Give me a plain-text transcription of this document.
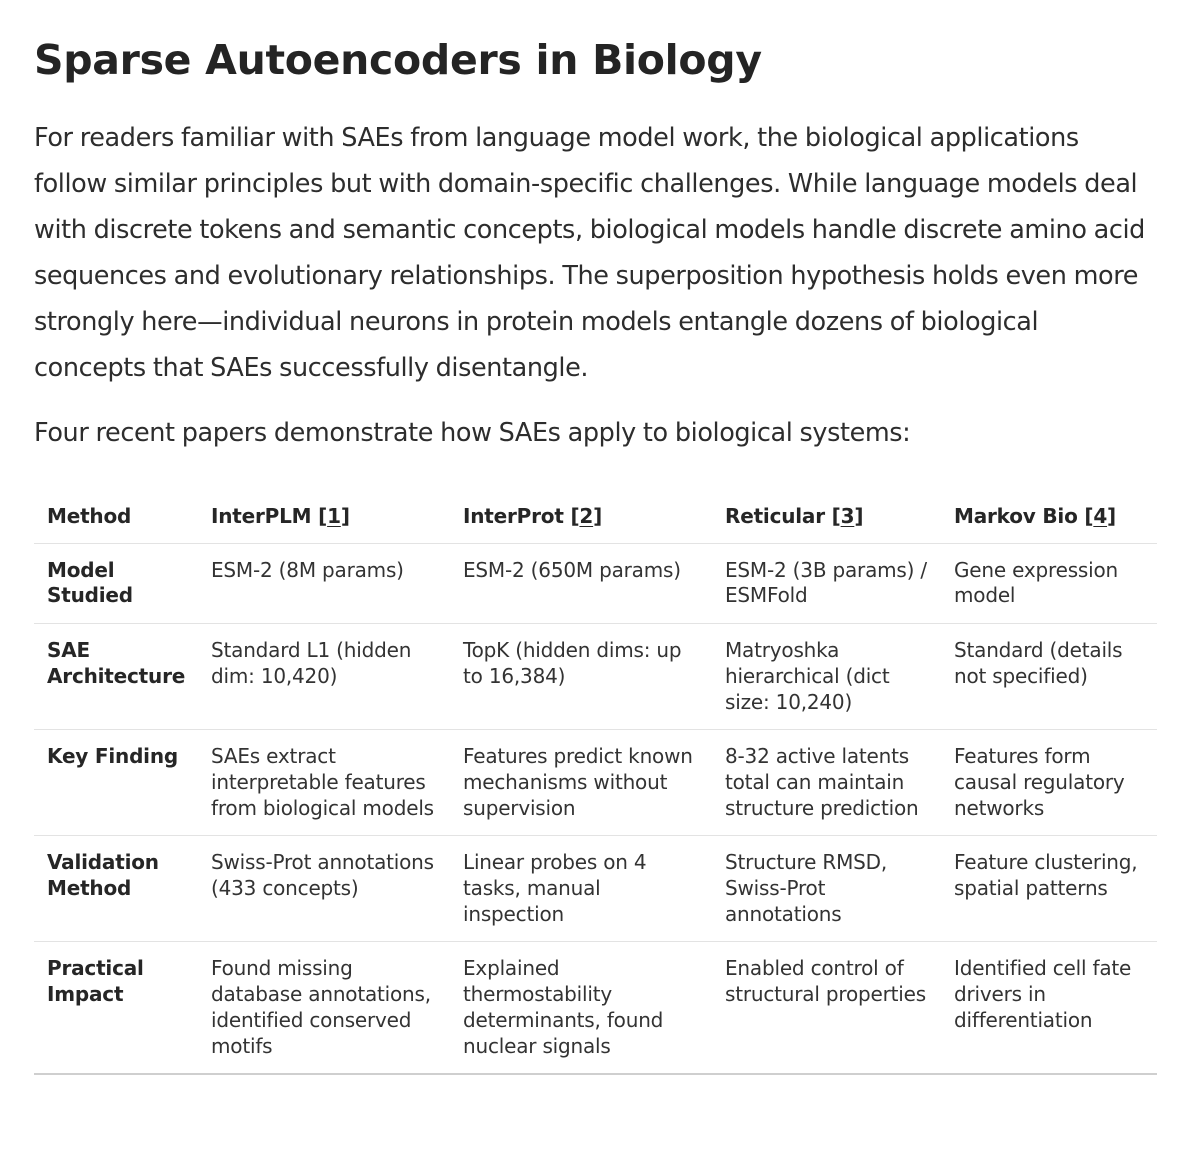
Sparse Autoencoders in Biology

For readers familiar with SAEs from language model work, the biological applications follow similar principles but with domain-specific challenges. While language models deal with discrete tokens and semantic concepts, biological models handle discrete amino acid sequences and evolutionary relationships. The superposition hypothesis holds even more strongly here—individual neurons in protein models entangle dozens of biological concepts that SAEs successfully disentangle.

Four recent papers demonstrate how SAEs apply to biological systems:

Method	InterPLM [1]	InterProt [2]	Reticular [3]	Markov Bio [4]
Model Studied	ESM-2 (8M params)	ESM-2 (650M params)	ESM-2 (3B params) / ESMFold	Gene expression model
SAE Architecture	Standard L1 (hidden dim: 10,420)	TopK (hidden dims: up to 16,384)	Matryoshka hierarchical (dict size: 10,240)	Standard (details not specified)
Key Finding	SAEs extract interpretable features from biological models	Features predict known mechanisms without supervision	8-32 active latents total can maintain structure prediction	Features form causal regulatory networks
Validation Method	Swiss-Prot annotations (433 concepts)	Linear probes on 4 tasks, manual inspection	Structure RMSD, Swiss-Prot annotations	Feature clustering, spatial patterns
Practical Impact	Found missing database annotations, identified conserved motifs	Explained thermostability determinants, found nuclear signals	Enabled control of structural properties	Identified cell fate drivers in differentiation
